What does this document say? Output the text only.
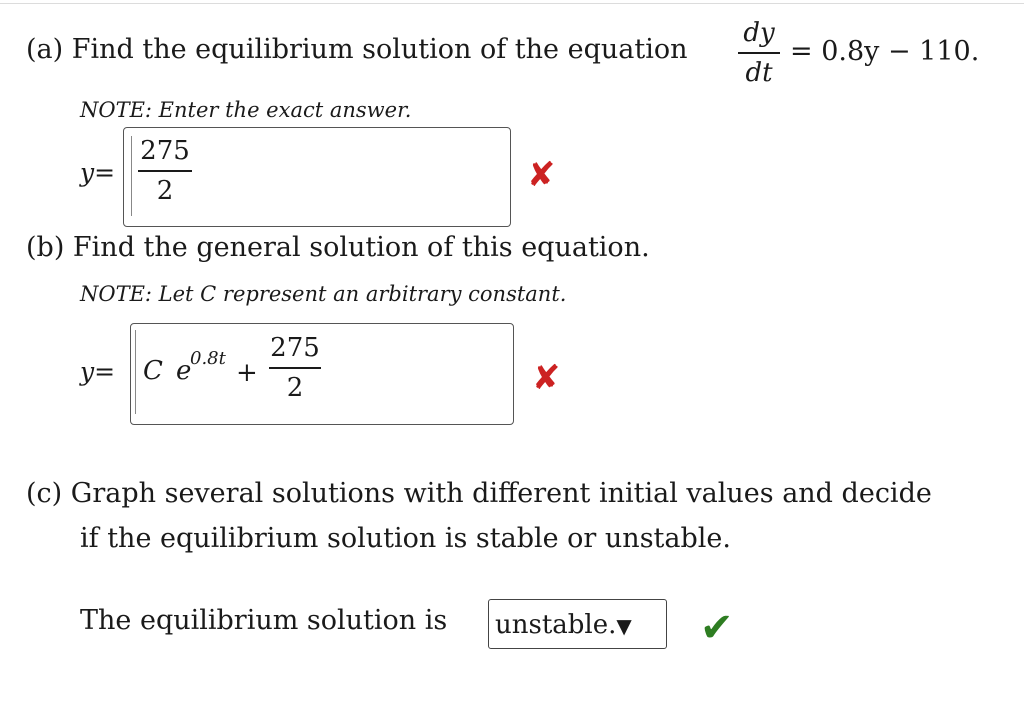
(a) Find the equilibrium solution of the equation
dy
dt
= 0.8y − 110.
NOTE: Enter the exact answer.
y=
275
2	✘
(b) Find the general solution of this equation.
NOTE: Let C represent an arbitrary constant.
y= C e
0.8t +
275
2	✘
(c) Graph several solutions with different initial values and decide
if the equilibrium solution is stable or unstable.
The equilibrium solution is unstable.▼	✔
